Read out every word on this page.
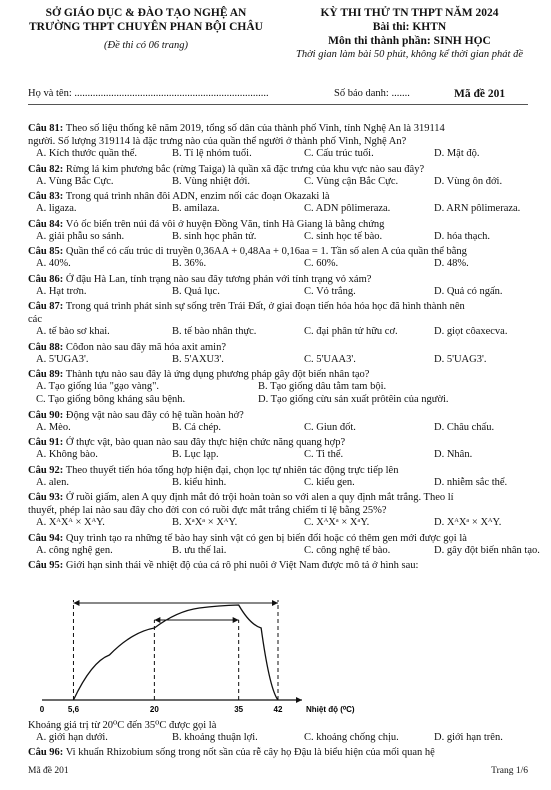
SỞ GIÁO DỤC & ĐÀO TẠO NGHỆ AN
TRƯỜNG THPT CHUYÊN PHAN BỘI CHÂU
(Đề thi có 06 trang)
KỲ THI THỬ TN THPT NĂM 2024
Bài thi: KHTN
Môn thi thành phần: SINH HỌC
Thời gian làm bài 50 phút, không kể thời gian phát đề
Họ và tên: ..........................................................................	Số báo danh: .......	Mã đề 201
Câu 81: Theo số liệu thống kê năm 2019, tổng số dân của thành phố Vinh, tỉnh Nghệ An là 319114
người. Số lượng 319114 là đặc trưng nào của quần thể người ở thành phố Vinh, Nghệ An?
A. Kích thước quần thể.	B. Tỉ lệ nhóm tuổi.	C. Cấu trúc tuổi.	D. Mật độ.
Câu 82: Rừng lá kim phương bắc (rừng Taiga) là quần xã đặc trưng của khu vực nào sau đây?
A. Vùng Bắc Cực.	B. Vùng nhiệt đới.	C. Vùng cận Bắc Cực.	D. Vùng ôn đới.
Câu 83: Trong quá trình nhân đôi ADN, enzim nối các đoạn Okazaki là
A. ligaza.	B. amilaza.	C. ADN pôlimeraza.	D. ARN pôlimeraza.
Câu 84: Vỏ ốc biển trên núi đá vôi ở huyện Đồng Văn, tỉnh Hà Giang là bằng chứng
A. giải phẫu so sánh.	B. sinh học phân tử.	C. sinh học tế bào.	D. hóa thạch.
Câu 85: Quần thể có cấu trúc di truyền 0,36AA + 0,48Aa + 0,16aa = 1. Tần số alen A của quần thể bằng
A. 40%.	B. 36%.	C. 60%.	D. 48%.
Câu 86: Ở đậu Hà Lan, tính trạng nào sau đây tương phản với tính trạng vỏ xám?
A. Hạt trơn.	B. Quả lục.	C. Vỏ trắng.	D. Quả có ngấn.
Câu 87: Trong quá trình phát sinh sự sống trên Trái Đất, ở giai đoạn tiến hóa hóa học đã hình thành nên
các
A. tế bào sơ khai.	B. tế bào nhân thực.	C. đại phân tử hữu cơ.	D. giọt côaxecva.
Câu 88: Côđon nào sau đây mã hóa axit amin?
A. 5'UGA3'.	B. 5'AXU3'.	C. 5'UAA3'.	D. 5'UAG3'.
Câu 89: Thành tựu nào sau đây là ứng dụng phương pháp gây đột biến nhân tạo?
A. Tạo giống lúa "gạo vàng".	B. Tạo giống dâu tằm tam bội.
C. Tạo giống bông kháng sâu bệnh.	D. Tạo giống cừu sản xuất prôtêin của người.
Câu 90: Động vật nào sau đây có hệ tuần hoàn hở?
A. Mèo.	B. Cá chép.	C. Giun đốt.	D. Châu chấu.
Câu 91: Ở thực vật, bào quan nào sau đây thực hiện chức năng quang hợp?
A. Không bào.	B. Lục lạp.	C. Ti thể.	D. Nhân.
Câu 92: Theo thuyết tiến hóa tổng hợp hiện đại, chọn lọc tự nhiên tác động trực tiếp lên
A. alen.	B. kiểu hình.	C. kiểu gen.	D. nhiễm sắc thể.
Câu 93: Ở ruồi giấm, alen A quy định mắt đỏ trội hoàn toàn so với alen a quy định mắt trắng. Theo lí
thuyết, phép lai nào sau đây cho đời con có ruồi đực mắt trắng chiếm tỉ lệ bằng 25%?
A. XᴬXᴬ × XᴬY.	B. XᵃXᵃ × XᴬY.	C. XᴬXᵃ × XᵃY.	D. XᴬXᵃ × XᴬY.
Câu 94: Quy trình tạo ra những tế bào hay sinh vật có gen bị biến đổi hoặc có thêm gen mới được gọi là
A. công nghệ gen.	B. ưu thế lai.	C. công nghệ tế bào.	D. gây đột biến nhân tạo.
Câu 95: Giới hạn sinh thái về nhiệt độ của cá rô phi nuôi ở Việt Nam được mô tả ở hình sau:
0	5,6	20	35	42	Nhiệt độ (⁰C)
Khoảng giá trị từ 20⁰C đến 35⁰C được gọi là
A. giới hạn dưới.	B. khoảng thuận lợi.	C. khoảng chống chịu.	D. giới hạn trên.
Câu 96: Vi khuẩn Rhizobium sống trong nốt sần của rễ cây họ Đậu là biểu hiện của mối quan hệ
Mã đề 201	Trang 1/6
